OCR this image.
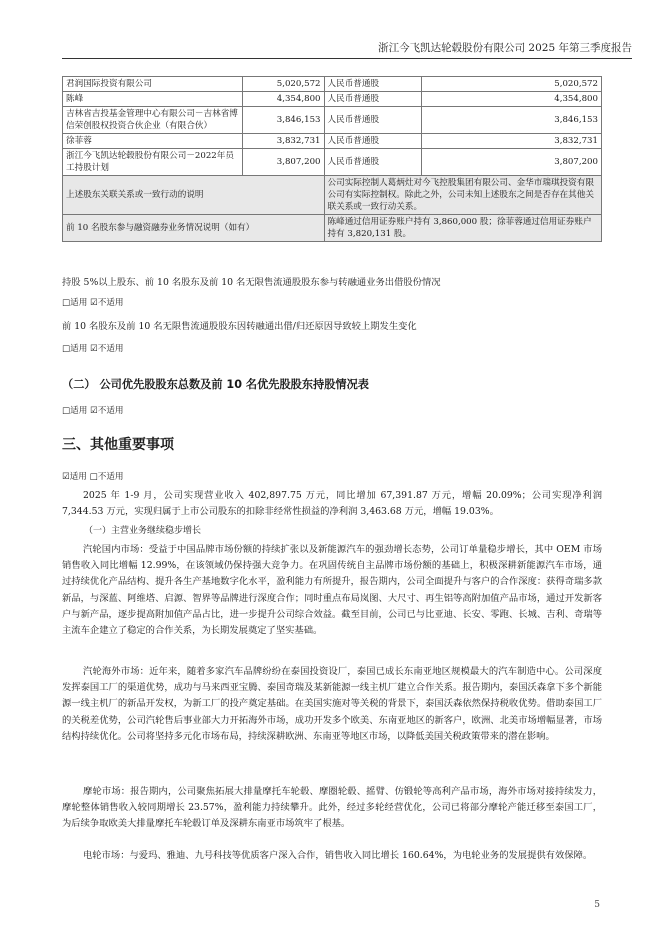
浙江今飞凯达轮毂股份有限公司 2025 年第三季度报告
君润国际投资有限公司	5,020,572	人民币普通股	5,020,572
陈峰	4,354,800	人民币普通股	4,354,800
吉林省吉投基金管理中心有限公司－吉林省博信荣创股权投资合伙企业（有限合伙）	3,846,153	人民币普通股	3,846,153
徐菲蓉	3,832,731	人民币普通股	3,832,731
浙江今飞凯达轮毂股份有限公司－2022年员工持股计划	3,807,200	人民币普通股	3,807,200
上述股东关联关系或一致行动的说明		公司实际控制人葛炳灶对今飞控股集团有限公司、金华市瑞琪投资有限公司有实际控制权。除此之外，公司未知上述股东之间是否存在其他关联关系或一致行动关系。	
前 10 名股东参与融资融券业务情况说明（如有）		陈峰通过信用证券账户持有 3,860,000 股；徐菲蓉通过信用证券账户持有 3,820,131 股。	
持股 5%以上股东、前 10 名股东及前 10 名无限售流通股股东参与转融通业务出借股份情况
□适用 ☑不适用
前 10 名股东及前 10 名无限售流通股股东因转融通出借/归还原因导致较上期发生变化
□适用 ☑不适用
（二） 公司优先股股东总数及前 10 名优先股股东持股情况表
□适用 ☑不适用
三、其他重要事项
☑适用 □不适用

2025 年 1-9 月，公司实现营业收入 402,897.75 万元，同比增加 67,391.87 万元，增幅 20.09%；公司实现净利润 7,344.53 万元，实现归属于上市公司股东的扣除非经常性损益的净利润 3,463.68 万元，增幅 19.03%。

（一）主营业务继续稳步增长

汽轮国内市场：受益于中国品牌市场份额的持续扩张以及新能源汽车的强劲增长态势，公司订单量稳步增长，其中 OEM 市场销售收入同比增幅 12.99%，在该领域仍保持强大竞争力。在巩固传统自主品牌市场份额的基础上，积极深耕新能源汽车市场，通过持续优化产品结构、提升各生产基地数字化水平，盈利能力有所提升，报告期内，公司全面提升与客户的合作深度：获得奇瑞多款新品，与深蓝、阿维塔、启源、智界等品牌进行深度合作；同时重点布局岚图、大尺寸、再生铝等高附加值产品市场，通过开发新客户与新产品，逐步提高附加值产品占比，进一步提升公司综合效益。截至目前，公司已与比亚迪、长安、零跑、长城、吉利、奇瑞等主流车企建立了稳定的合作关系，为长期发展奠定了坚实基础。

汽轮海外市场：近年来，随着多家汽车品牌纷纷在泰国投资设厂，泰国已成长东南亚地区规模最大的汽车制造中心。公司深度发挥泰国工厂的渠道优势，成功与马来西亚宝腾、泰国奇瑞及某新能源一线主机厂建立合作关系。报告期内，泰国沃森拿下多个新能源一线主机厂的新品开发权，为新工厂的投产奠定基础。在美国实施对等关税的背景下，泰国沃森依然保持税收优势。借助泰国工厂的关税差优势，公司汽轮售后事业部大力开拓海外市场，成功开发多个欧美、东南亚地区的新客户，欧洲、北美市场增幅显著，市场结构持续优化。公司将坚持多元化市场布局，持续深耕欧洲、东南亚等地区市场，以降低美国关税政策带来的潜在影响。

摩轮市场：报告期内，公司聚焦拓展大排量摩托车轮毂、摩圈轮毂、摇臂、仿锻轮等高利产品市场，海外市场对接持续发力，摩轮整体销售收入较同期增长 23.57%，盈利能力持续攀升。此外，经过多轮经营优化，公司已将部分摩轮产能迁移至泰国工厂，为后续争取欧美大排量摩托车轮毂订单及深耕东南亚市场筑牢了根基。

电轮市场：与爱玛、雅迪、九号科技等优质客户深入合作，销售收入同比增长 160.64%，为电轮业务的发展提供有效保障。

5
